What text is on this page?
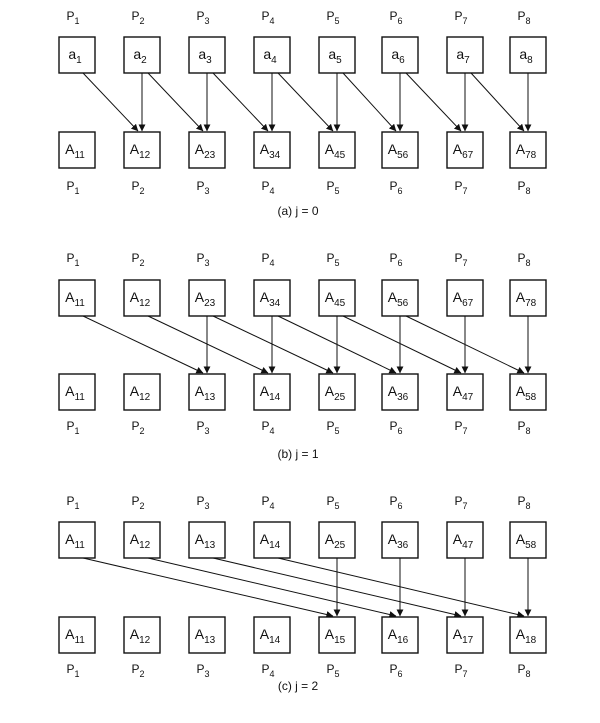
$P_1$	$P_2$	$P_3$	$P_4$	$P_5$	$P_6$	$P_7$	$P_8$
$a_1$	$a_2$	$a_3$	$a_4$	$a_5$	$a_6$	$a_7$	$a_8$
$A_{11}$	$A_{12}$	$A_{23}$	$A_{34}$	$A_{45}$	$A_{56}$	$A_{67}$	$A_{78}$
$P_1$	$P_2$	$P_3$	$P_4$	$P_5$	$P_6$	$P_7$	$P_8$
(a) j = 0
$P_1$	$P_2$	$P_3$	$P_4$	$P_5$	$P_6$	$P_7$	$P_8$
$A_{11}$	$A_{12}$	$A_{23}$	$A_{34}$	$A_{45}$	$A_{56}$	$A_{67}$	$A_{78}$
$A_{11}$	$A_{12}$	$A_{13}$	$A_{14}$	$A_{25}$	$A_{36}$	$A_{47}$	$A_{58}$
$P_1$	$P_2$	$P_3$	$P_4$	$P_5$	$P_6$	$P_7$	$P_8$
(b) j = 1
$P_1$	$P_2$	$P_3$	$P_4$	$P_5$	$P_6$	$P_7$	$P_8$
$A_{11}$	$A_{12}$	$A_{13}$	$A_{14}$	$A_{25}$	$A_{36}$	$A_{47}$	$A_{58}$
$A_{11}$	$A_{12}$	$A_{13}$	$A_{14}$	$A_{15}$	$A_{16}$	$A_{17}$	$A_{18}$
$P_1$	$P_2$	$P_3$	$P_4$	$P_5$	$P_6$	$P_7$	$P_8$
(c) j = 2
